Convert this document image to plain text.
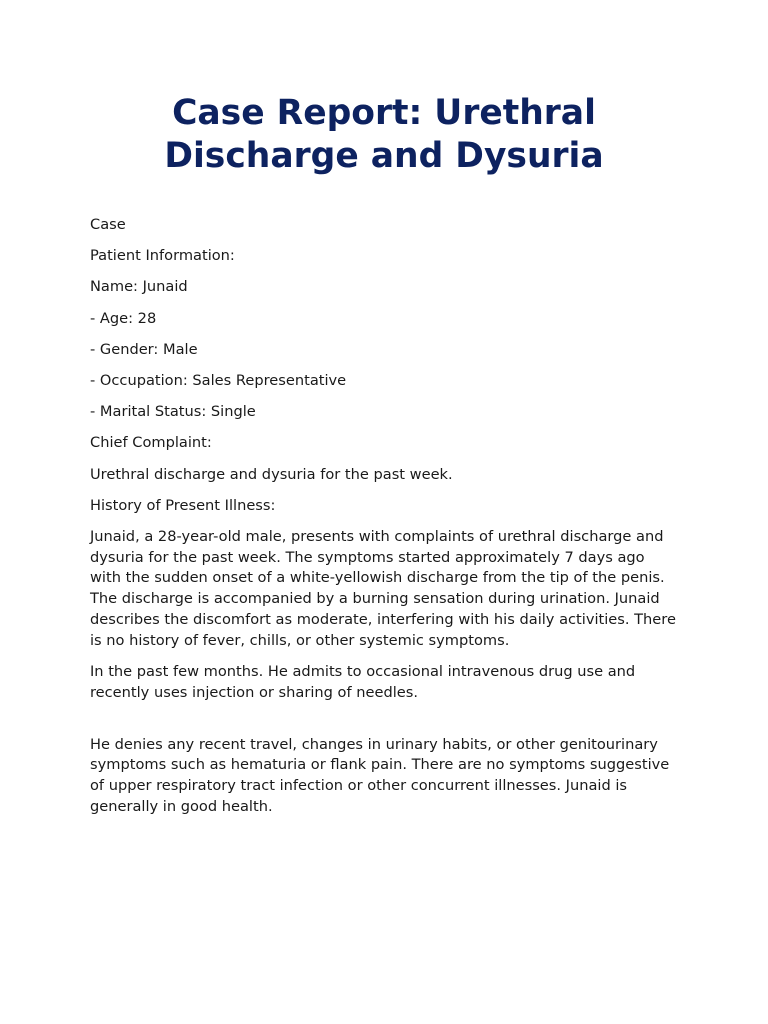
Case Report: Urethral
Discharge and Dysuria

Case

Patient Information:

Name: Junaid

- Age: 28

- Gender: Male

- Occupation: Sales Representative

- Marital Status: Single

Chief Complaint:

Urethral discharge and dysuria for the past week.

History of Present Illness:

Junaid, a 28-year-old male, presents with complaints of urethral discharge and dysuria for the past week. The symptoms started approximately 7 days ago with the sudden onset of a white-yellowish discharge from the tip of the penis. The discharge is accompanied by a burning sensation during urination. Junaid describes the discomfort as moderate, interfering with his daily activities. There is no history of fever, chills, or other systemic symptoms.

In the past few months. He admits to occasional intravenous drug use and recently uses injection or sharing of needles.

He denies any recent travel, changes in urinary habits, or other genitourinary symptoms such as hematuria or flank pain. There are no symptoms suggestive of upper respiratory tract infection or other concurrent illnesses. Junaid is generally in good health.
